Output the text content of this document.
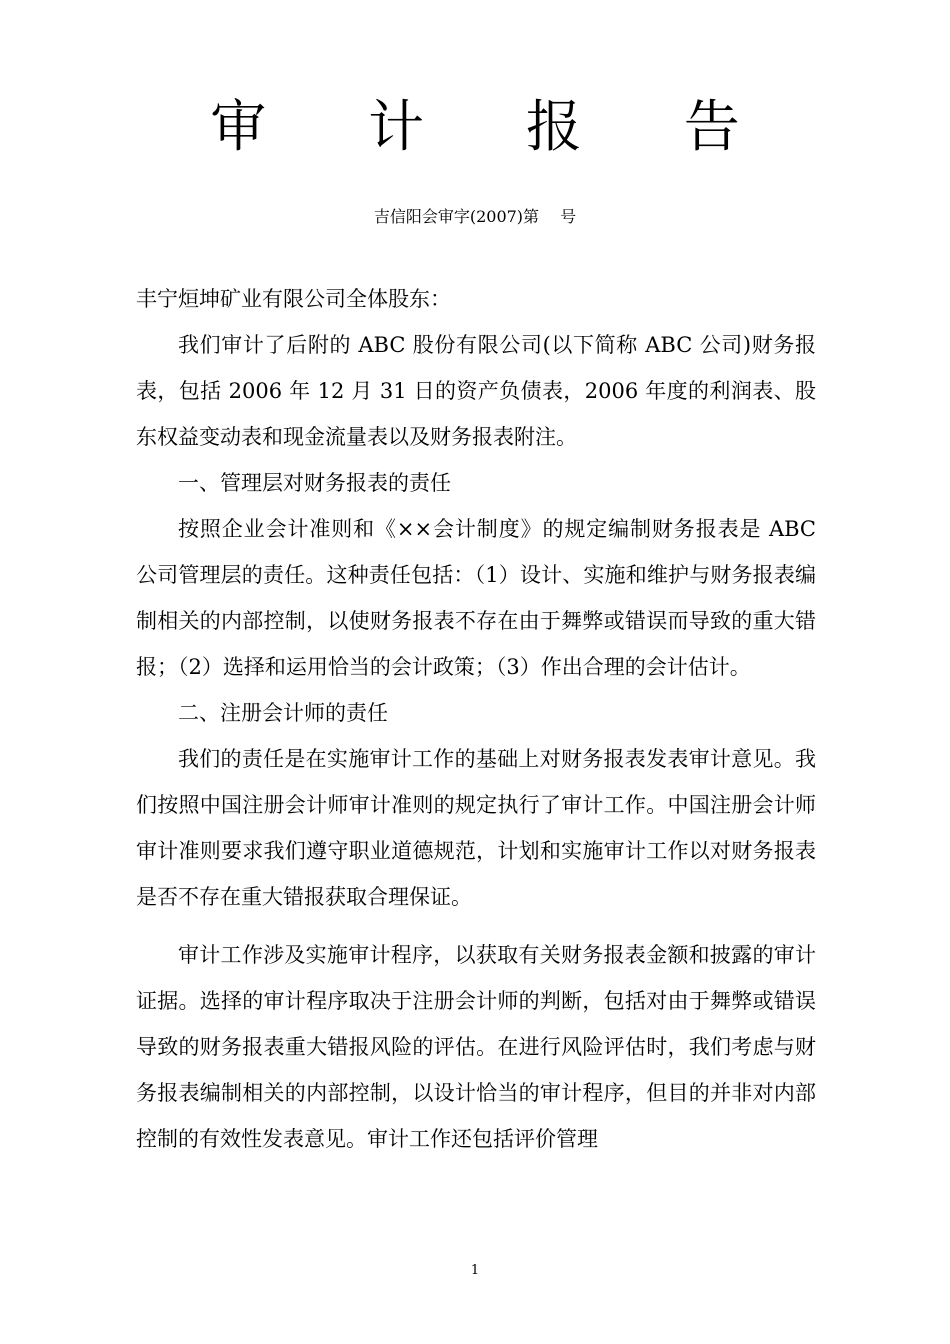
审 计 报 告
吉信阳会审字(2007)第　 号

丰宁烜坤矿业有限公司全体股东：

我们审计了后附的 ABC 股份有限公司(以下简称 ABC 公司)财务报表，包括 2006 年 12 月 31 日的资产负债表，2006 年度的利润表、股东权益变动表和现金流量表以及财务报表附注。

一、管理层对财务报表的责任

按照企业会计准则和《××会计制度》的规定编制财务报表是 ABC 公司管理层的责任。这种责任包括：（1）设计、实施和维护与财务报表编制相关的内部控制，以使财务报表不存在由于舞弊或错误而导致的重大错报；（2）选择和运用恰当的会计政策；（3）作出合理的会计估计。

二、注册会计师的责任

我们的责任是在实施审计工作的基础上对财务报表发表审计意见。我们按照中国注册会计师审计准则的规定执行了审计工作。中国注册会计师审计准则要求我们遵守职业道德规范，计划和实施审计工作以对财务报表是否不存在重大错报获取合理保证。

审计工作涉及实施审计程序，以获取有关财务报表金额和披露的审计证据。选择的审计程序取决于注册会计师的判断，包括对由于舞弊或错误导致的财务报表重大错报风险的评估。在进行风险评估时，我们考虑与财务报表编制相关的内部控制，以设计恰当的审计程序，但目的并非对内部控制的有效性发表意见。审计工作还包括评价管理

1
